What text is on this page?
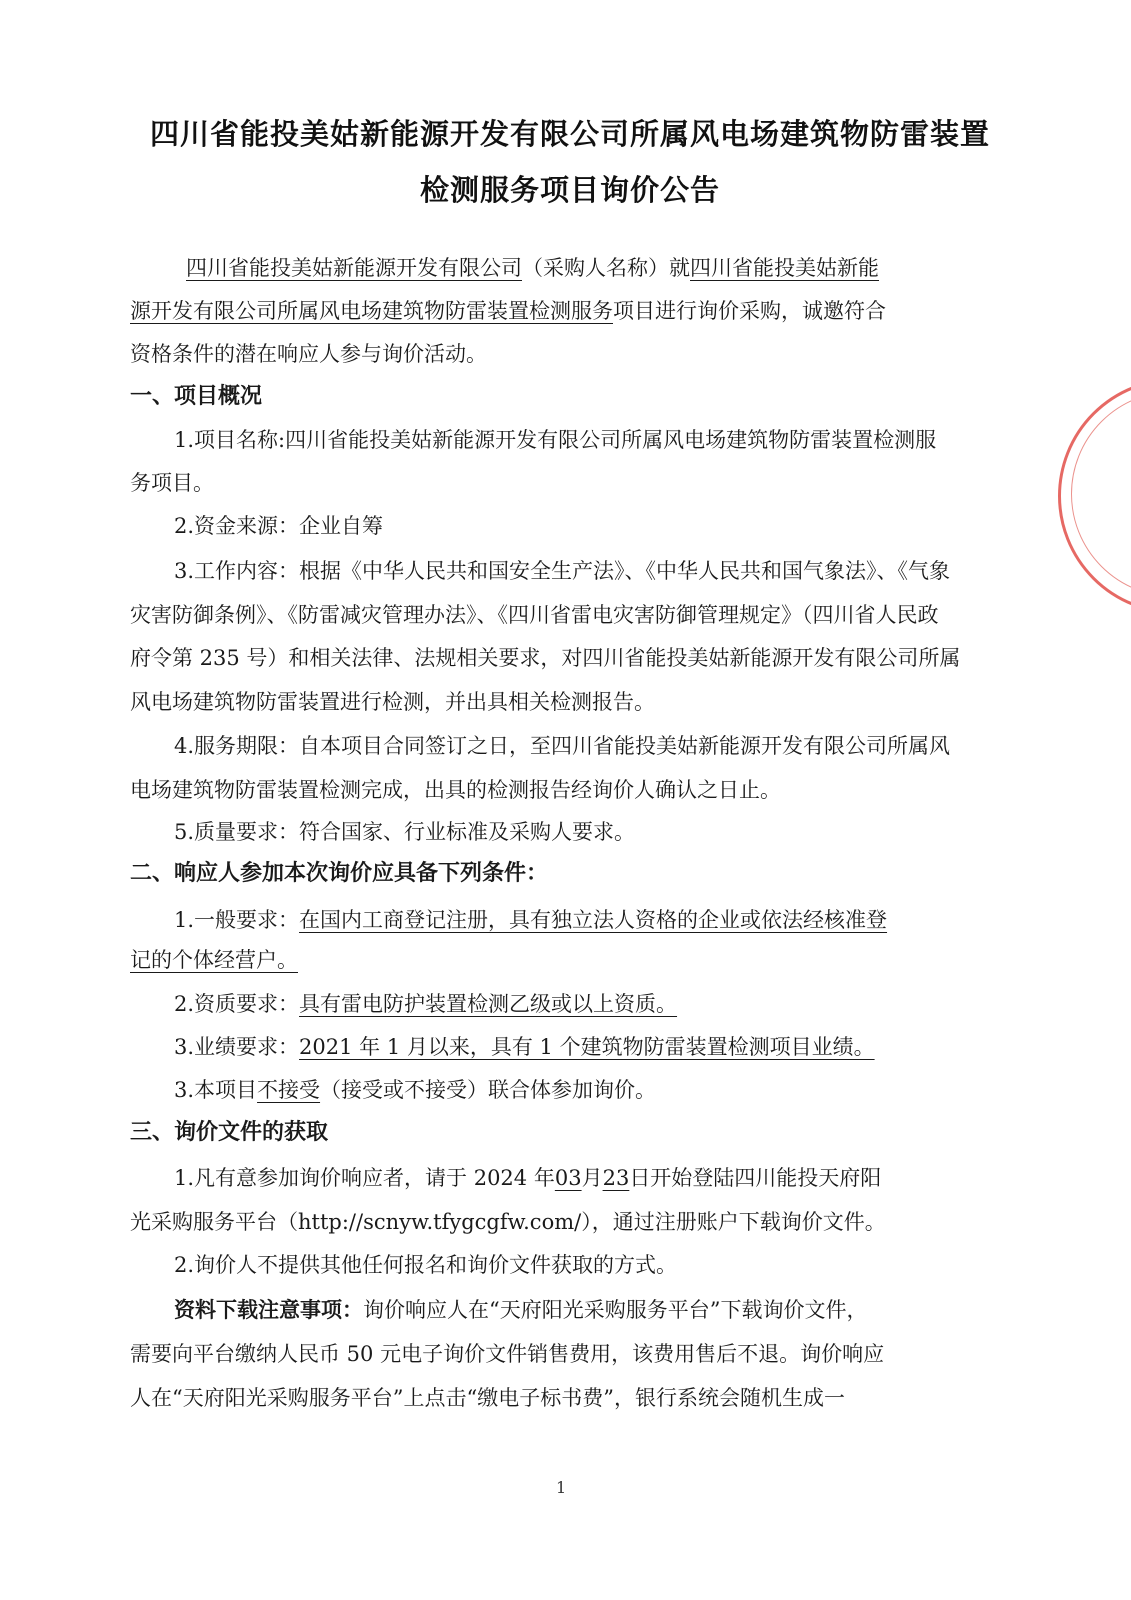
四川省能投美姑新能源开发有限公司所属风电场建筑物防雷装置
检测服务项目询价公告
四川省能投美姑新能源开发有限公司（采购人名称）就四川省能投美姑新能
源开发有限公司所属风电场建筑物防雷装置检测服务项目进行询价采购，诚邀符合
资格条件的潜在响应人参与询价活动。
一、项目概况
1.项目名称:四川省能投美姑新能源开发有限公司所属风电场建筑物防雷装置检测服
务项目。
2.资金来源：企业自筹
3.工作内容：根据《中华人民共和国安全生产法》、《中华人民共和国气象法》、《气象
灾害防御条例》、《防雷减灾管理办法》、《四川省雷电灾害防御管理规定》（四川省人民政
府令第 235 号）和相关法律、法规相关要求，对四川省能投美姑新能源开发有限公司所属
风电场建筑物防雷装置进行检测，并出具相关检测报告。
4.服务期限：自本项目合同签订之日，至四川省能投美姑新能源开发有限公司所属风
电场建筑物防雷装置检测完成，出具的检测报告经询价人确认之日止。
5.质量要求：符合国家、行业标准及采购人要求。
二、响应人参加本次询价应具备下列条件：
1.一般要求：在国内工商登记注册，具有独立法人资格的企业或依法经核准登
记的个体经营户。
2.资质要求：具有雷电防护装置检测乙级或以上资质。
3.业绩要求：2021 年 1 月以来，具有 1 个建筑物防雷装置检测项目业绩。
3.本项目不接受（接受或不接受）联合体参加询价。
三、询价文件的获取
1.凡有意参加询价响应者，请于 2024 年03月23日开始登陆四川能投天府阳
光采购服务平台（http://scnyw.tfygcgfw.com/），通过注册账户下载询价文件。
2.询价人不提供其他任何报名和询价文件获取的方式。
资料下载注意事项：询价响应人在“天府阳光采购服务平台”下载询价文件，
需要向平台缴纳人民币 50 元电子询价文件销售费用，该费用售后不退。询价响应
人在“天府阳光采购服务平台”上点击“缴电子标书费”，银行系统会随机生成一
1
